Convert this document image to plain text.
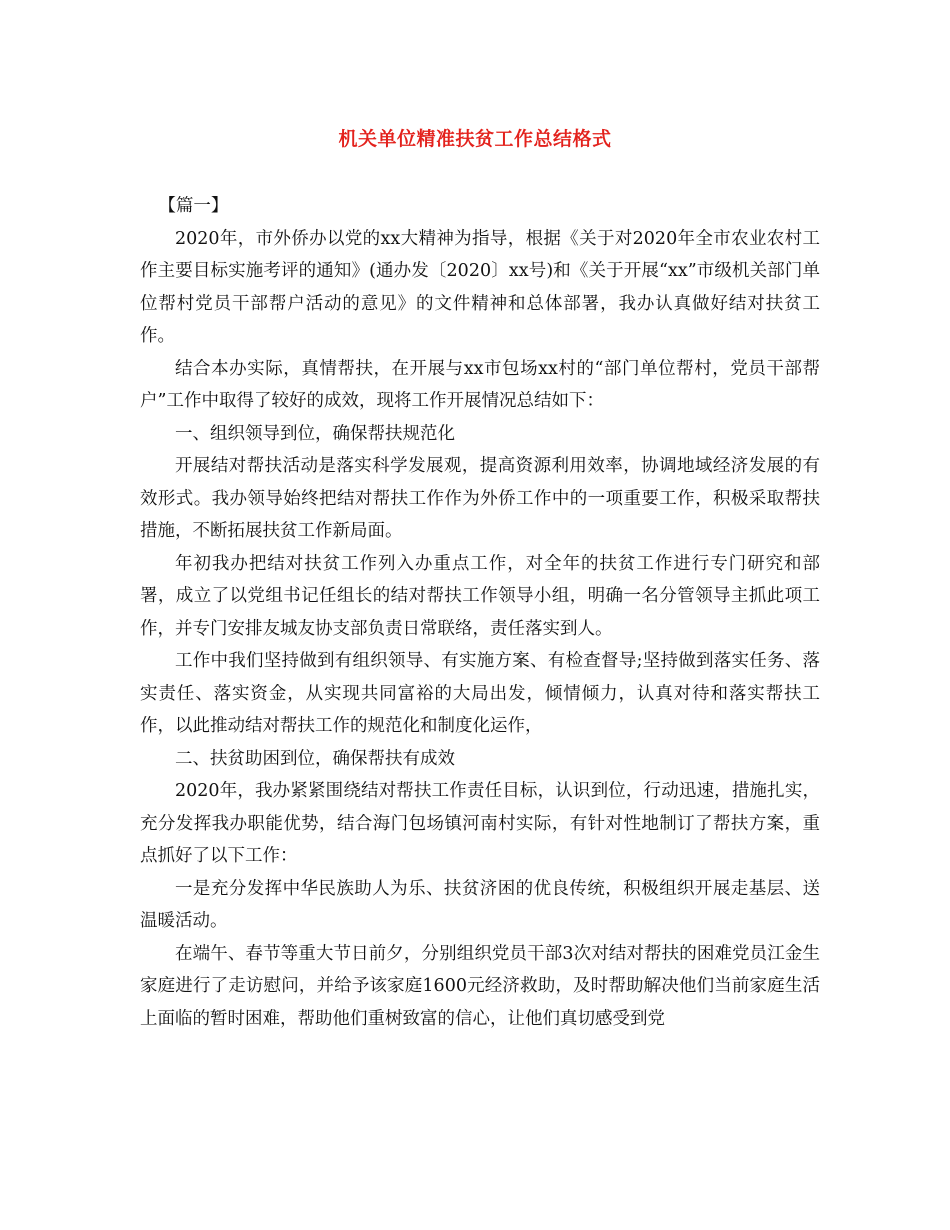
机关单位精准扶贫工作总结格式

【篇一】

2020年，市外侨办以党的xx大精神为指导，根据《关于对2020年全市农业农村工作主要目标实施考评的通知》(通办发〔2020〕xx号)和《关于开展“xx”市级机关部门单位帮村党员干部帮户活动的意见》的文件精神和总体部署，我办认真做好结对扶贫工作。

结合本办实际，真情帮扶，在开展与xx市包场xx村的“部门单位帮村，党员干部帮户”工作中取得了较好的成效，现将工作开展情况总结如下：

一、组织领导到位，确保帮扶规范化

开展结对帮扶活动是落实科学发展观，提高资源利用效率，协调地域经济发展的有效形式。我办领导始终把结对帮扶工作作为外侨工作中的一项重要工作，积极采取帮扶措施，不断拓展扶贫工作新局面。

年初我办把结对扶贫工作列入办重点工作，对全年的扶贫工作进行专门研究和部署，成立了以党组书记任组长的结对帮扶工作领导小组，明确一名分管领导主抓此项工作，并专门安排友城友协支部负责日常联络，责任落实到人。

工作中我们坚持做到有组织领导、有实施方案、有检查督导;坚持做到落实任务、落实责任、落实资金，从实现共同富裕的大局出发，倾情倾力，认真对待和落实帮扶工作，以此推动结对帮扶工作的规范化和制度化运作，

二、扶贫助困到位，确保帮扶有成效

2020年，我办紧紧围绕结对帮扶工作责任目标，认识到位，行动迅速，措施扎实，充分发挥我办职能优势，结合海门包场镇河南村实际，有针对性地制订了帮扶方案，重点抓好了以下工作：

一是充分发挥中华民族助人为乐、扶贫济困的优良传统，积极组织开展走基层、送温暖活动。

在端午、春节等重大节日前夕，分别组织党员干部3次对结对帮扶的困难党员江金生家庭进行了走访慰问，并给予该家庭1600元经济救助，及时帮助解决他们当前家庭生活上面临的暂时困难，帮助他们重树致富的信心，让他们真切感受到党
